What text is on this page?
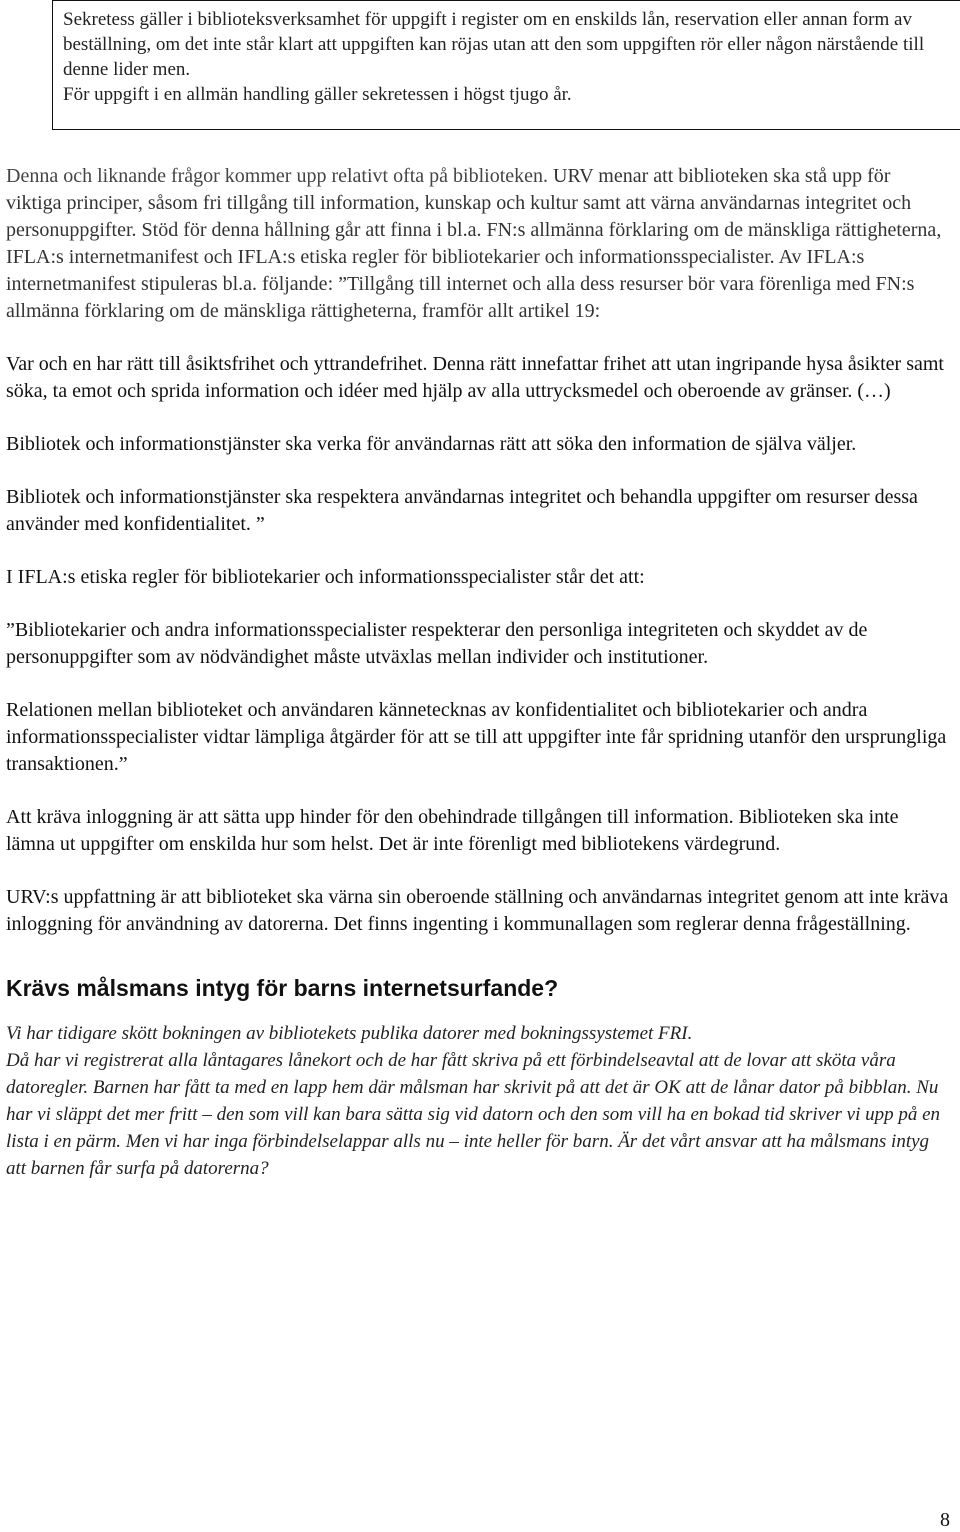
Sekretess gäller i biblioteksverksamhet för uppgift i register om en enskilds lån, reservation eller annan form av beställning, om det inte står klart att uppgiften kan röjas utan att den som uppgiften rör eller någon närstående till denne lider men.

För uppgift i en allmän handling gäller sekretessen i högst tjugo år.

Denna och liknande frågor kommer upp relativt ofta på biblioteken. URV menar att biblioteken ska stå upp för viktiga principer, såsom fri tillgång till information, kunskap och kultur samt att värna användarnas integritet och personuppgifter. Stöd för denna hållning går att finna i bl.a. FN:s allmänna förklaring om de mänskliga rättigheterna, IFLA:s internetmanifest och IFLA:s etiska regler för bibliotekarier och informationsspecialister. Av IFLA:s internetmanifest stipuleras bl.a. följande: ”Tillgång till internet och alla dess resurser bör vara förenliga med FN:s allmänna förklaring om de mänskliga rättigheterna, framför allt artikel 19:

Var och en har rätt till åsiktsfrihet och yttrandefrihet. Denna rätt innefattar frihet att utan ingripande hysa åsikter samt söka, ta emot och sprida information och idéer med hjälp av alla uttrycksmedel och oberoende av gränser. (…)

Bibliotek och informationstjänster ska verka för användarnas rätt att söka den information de själva väljer.

Bibliotek och informationstjänster ska respektera användarnas integritet och behandla uppgifter om resurser dessa använder med konfidentialitet. ”

I IFLA:s etiska regler för bibliotekarier och informationsspecialister står det att:

”Bibliotekarier och andra informationsspecialister respekterar den personliga integriteten och skyddet av de personuppgifter som av nödvändighet måste utväxlas mellan individer och institutioner.

Relationen mellan biblioteket och användaren kännetecknas av konfidentialitet och bibliotekarier och andra informationsspecialister vidtar lämpliga åtgärder för att se till att uppgifter inte får spridning utanför den ursprungliga transaktionen.”

Att kräva inloggning är att sätta upp hinder för den obehindrade tillgången till information. Biblioteken ska inte lämna ut uppgifter om enskilda hur som helst. Det är inte förenligt med bibliotekens värdegrund.

URV:s uppfattning är att biblioteket ska värna sin oberoende ställning och användarnas integritet genom att inte kräva inloggning för användning av datorerna. Det finns ingenting i kommunallagen som reglerar denna frågeställning.

Krävs målsmans intyg för barns internetsurfande?

Vi har tidigare skött bokningen av bibliotekets publika datorer med bokningssystemet FRI.

Då har vi registrerat alla låntagares lånekort och de har fått skriva på ett förbindelseavtal att de lovar att sköta våra datoregler. Barnen har fått ta med en lapp hem där målsman har skrivit på att det är OK att de lånar dator på bibblan. Nu har vi släppt det mer fritt – den som vill kan bara sätta sig vid datorn och den som vill ha en bokad tid skriver vi upp på en lista i en pärm. Men vi har inga förbindelselappar alls nu – inte heller för barn. Är det vårt ansvar att ha målsmans intyg att barnen får surfa på datorerna?

8
